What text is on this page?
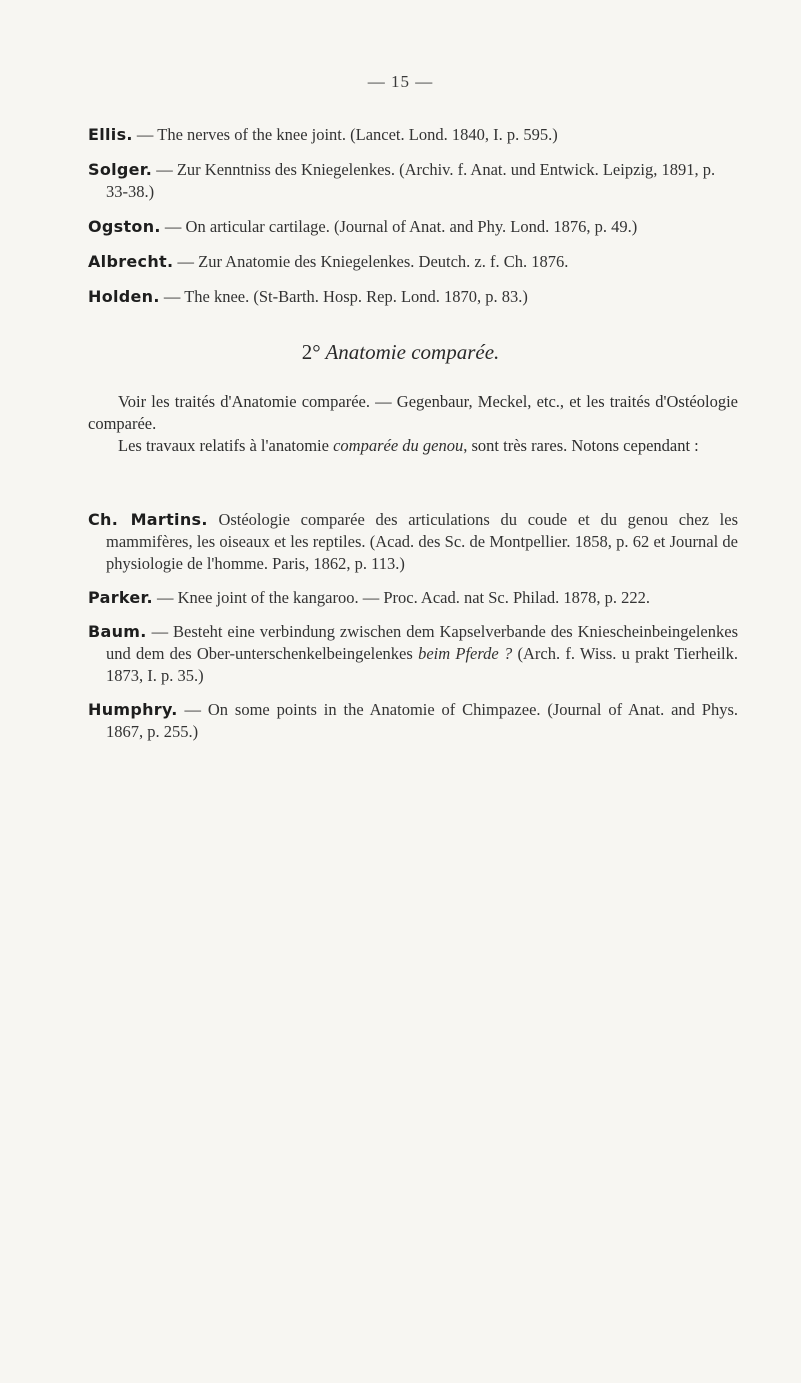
— 15 —

Ellis. — The nerves of the knee joint. (Lancet. Lond. 1840, I. p. 595.)

Solger. — Zur Kenntniss des Kniegelenkes. (Archiv. f. Anat. und Entwick. Leipzig, 1891, p. 33-38.)

Ogston. — On articular cartilage. (Journal of Anat. and Phy. Lond. 1876, p. 49.)

Albrecht. — Zur Anatomie des Kniegelenkes. Deutch. z. f. Ch. 1876.

Holden. — The knee. (St-Barth. Hosp. Rep. Lond. 1870, p. 83.)

2° Anatomie comparée.

Voir les traités d'Anatomie comparée. — Gegenbaur, Meckel, etc., et les traités d'Ostéologie comparée.

Les travaux relatifs à l'anatomie comparée du genou, sont très rares. Notons cependant :

Ch. Martins. Ostéologie comparée des articulations du coude et du genou chez les mammifères, les oiseaux et les reptiles. (Acad. des Sc. de Montpellier. 1858, p. 62 et Journal de physiologie de l'homme. Paris, 1862, p. 113.)

Parker. — Knee joint of the kangaroo. — Proc. Acad. nat Sc. Philad. 1878, p. 222.

Baum. — Besteht eine verbindung zwischen dem Kapselverbande des Kniescheinbeingelenkes und dem des Ober-unterschenkelbeingelenkes beim Pferde ? (Arch. f. Wiss. u prakt Tierheilk. 1873, I. p. 35.)

Humphry. — On some points in the Anatomie of Chimpazee. (Journal of Anat. and Phys. 1867, p. 255.)
